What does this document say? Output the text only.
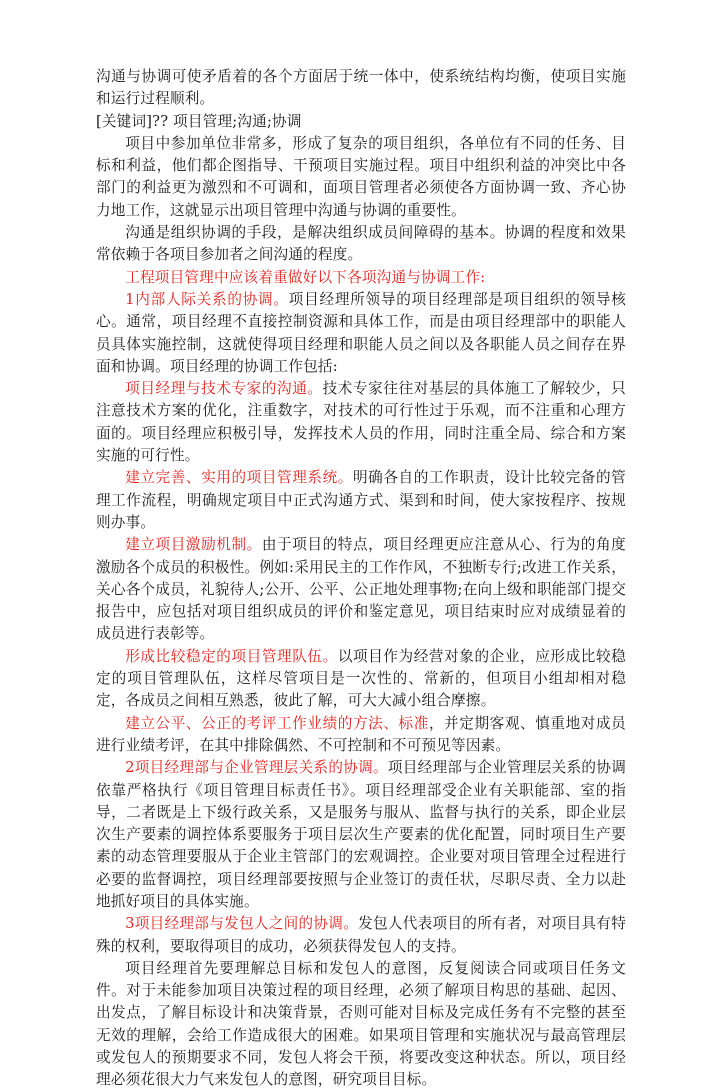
沟通与协调可使矛盾着的各个方面居于统一体中，使系统结构均衡，使项目实施和运行过程顺利。

[关键词]?? 项目管理;沟通;协调

项目中参加单位非常多，形成了复杂的项目组织，各单位有不同的任务、目标和利益，他们都企图指导、干预项目实施过程。项目中组织利益的冲突比中各部门的利益更为激烈和不可调和，面项目管理者必须使各方面协调一致、齐心协力地工作，这就显示出项目管理中沟通与协调的重要性。

沟通是组织协调的手段，是解决组织成员间障碍的基本。协调的程度和效果常依赖于各项目参加者之间沟通的程度。

工程项目管理中应该着重做好以下各项沟通与协调工作:

1内部人际关系的协调。项目经理所领导的项目经理部是项目组织的领导核心。通常，项目经理不直接控制资源和具体工作，而是由项目经理部中的职能人员具体实施控制，这就使得项目经理和职能人员之间以及各职能人员之间存在界面和协调。项目经理的协调工作包括:

项目经理与技术专家的沟通。技术专家往往对基层的具体施工了解较少，只注意技术方案的优化，注重数字，对技术的可行性过于乐观，而不注重和心理方面的。项目经理应积极引导，发挥技术人员的作用，同时注重全局、综合和方案实施的可行性。

建立完善、实用的项目管理系统。明确各自的工作职责，设计比较完备的管理工作流程，明确规定项目中正式沟通方式、渠到和时间，使大家按程序、按规则办事。

建立项目激励机制。由于项目的特点，项目经理更应注意从心、行为的角度激励各个成员的积极性。例如:采用民主的工作作风，不独断专行;改进工作关系，关心各个成员，礼貌待人;公开、公平、公正地处理事物;在向上级和职能部门提交报告中，应包括对项目组织成员的评价和鉴定意见，项目结束时应对成绩显着的成员进行表彰等。

形成比较稳定的项目管理队伍。以项目作为经营对象的企业，应形成比较稳定的项目管理队伍，这样尽管项目是一次性的、常新的，但项目小组却相对稳定，各成员之间相互熟悉，彼此了解，可大大减小组合摩擦。

建立公平、公正的考评工作业绩的方法、标准，并定期客观、慎重地对成员进行业绩考评，在其中排除偶然、不可控制和不可预见等因素。

2项目经理部与企业管理层关系的协调。项目经理部与企业管理层关系的协调依靠严格执行《项目管理目标责任书》。项目经理部受企业有关职能部、室的指导，二者既是上下级行政关系，又是服务与服从、监督与执行的关系，即企业层次生产要素的调控体系要服务于项目层次生产要素的优化配置，同时项目生产要素的动态管理要服从于企业主管部门的宏观调控。企业要对项目管理全过程进行必要的监督调控，项目经理部要按照与企业签订的责任状，尽职尽责、全力以赴地抓好项目的具体实施。

3项目经理部与发包人之间的协调。发包人代表项目的所有者，对项目具有特殊的权利，要取得项目的成功，必须获得发包人的支持。

项目经理首先要理解总目标和发包人的意图，反复阅读合同或项目任务文件。对于未能参加项目决策过程的项目经理，必须了解项目构思的基础、起因、出发点，了解目标设计和决策背景，否则可能对目标及完成任务有不完整的甚至无效的理解，会给工作造成很大的困难。如果项目管理和实施状况与最高管理层或发包人的预期要求不同，发包人将会干预，将要改变这种状态。所以，项目经理必须花很大力气来发包人的意图，研究项目目标。
